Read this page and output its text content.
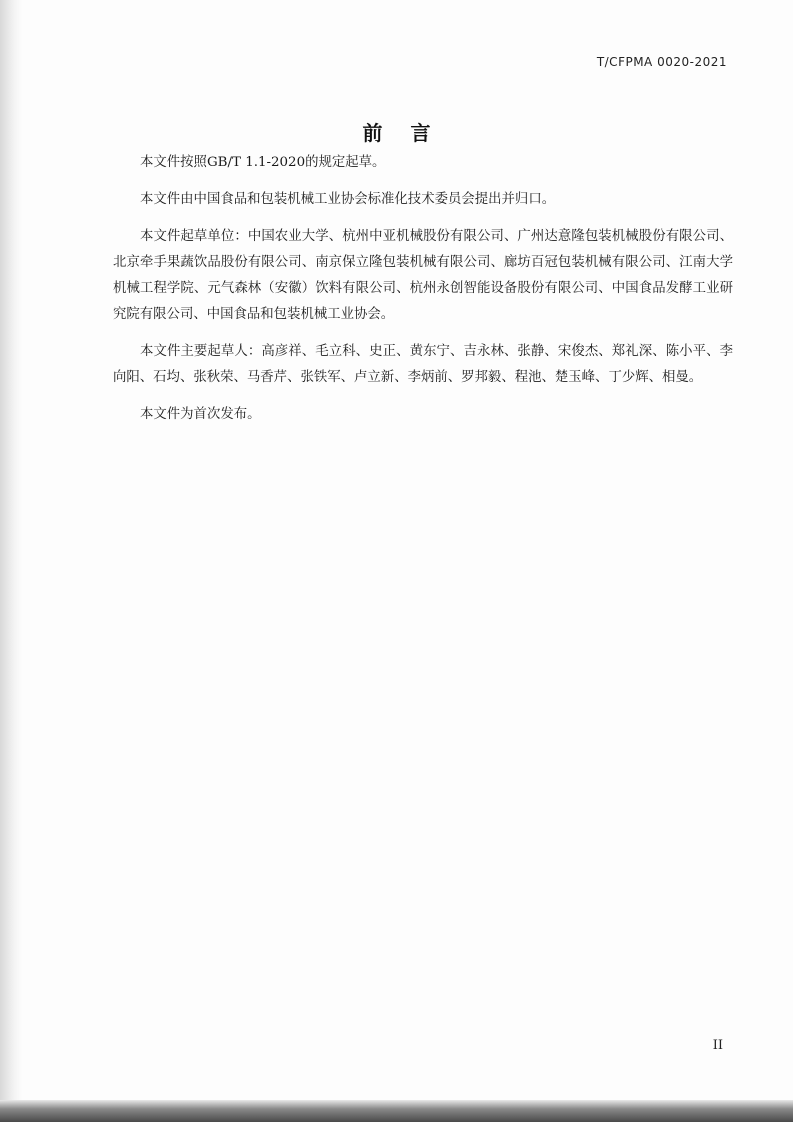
T/CFPMA 0020-2021
前言

本文件按照GB/T 1.1-2020的规定起草。

本文件由中国食品和包装机械工业协会标准化技术委员会提出并归口。

本文件起草单位：中国农业大学、杭州中亚机械股份有限公司、广州达意隆包装机械股份有限公司、北京牵手果蔬饮品股份有限公司、南京保立隆包装机械有限公司、廊坊百冠包装机械有限公司、江南大学机械工程学院、元气森林（安徽）饮料有限公司、杭州永创智能设备股份有限公司、中国食品发酵工业研究院有限公司、中国食品和包装机械工业协会。

本文件主要起草人：高彦祥、毛立科、史正、黄东宁、吉永林、张静、宋俊杰、郑礼深、陈小平、李向阳、石均、张秋荣、马香芹、张铁军、卢立新、李炳前、罗邦毅、程池、楚玉峰、丁少辉、相曼。

本文件为首次发布。

II
